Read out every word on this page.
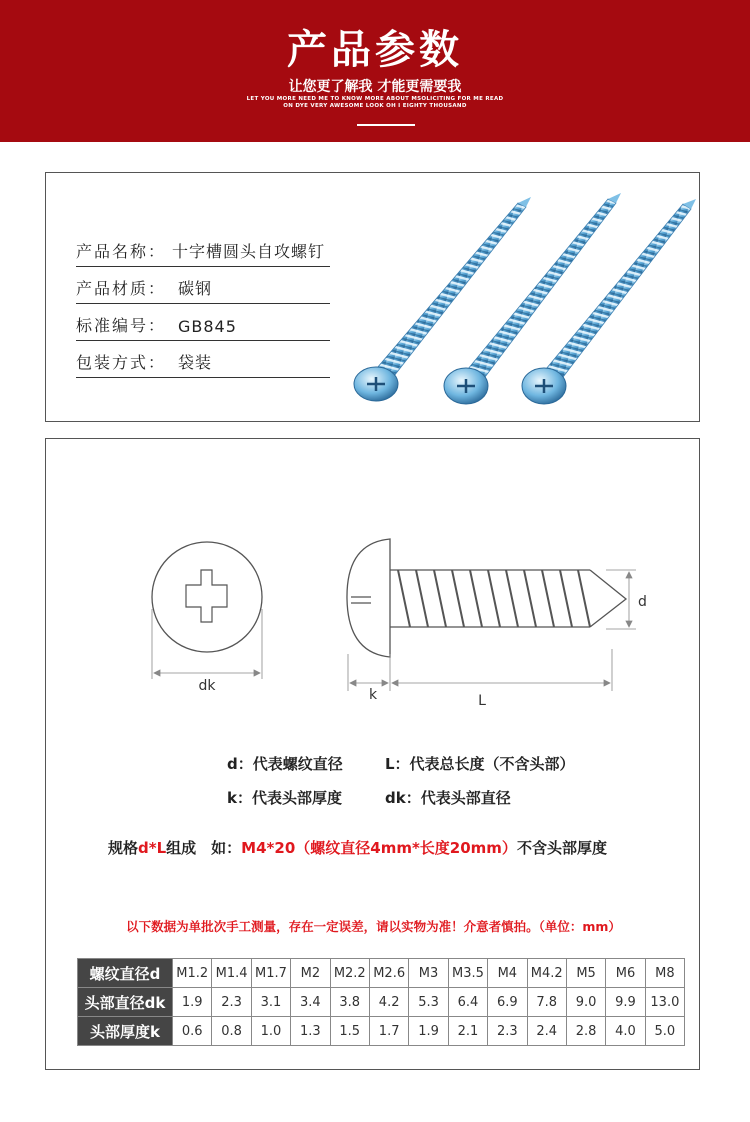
产品参数
让您更了解我 才能更需要我
LET YOU MORE NEED ME TO KNOW MORE ABOUT MSOLICITING FOR ME READ
ON DYE VERY AWESOME LOOK OH I EIGHTY THOUSAND
产品名称： 十字槽圆头自攻螺钉
产品材质： 碳钢
标准编号： GB845
包装方式： 袋装
dk
d
k	L
d：代表螺纹直径	L：代表总长度（不含头部）
k：代表头部厚度	dk：代表头部直径
规格d*L组成　如：M4*20（螺纹直径4mm*长度20mm）不含头部厚度
以下数据为单批次手工测量，存在一定误差，请以实物为准！介意者慎拍。（单位：mm）
螺纹直径d	M1.2	M1.4	M1.7	M2	M2.2	M2.6	M3	M3.5	M4	M4.2	M5	M6	M8
头部直径dk	1.9	2.3	3.1	3.4	3.8	4.2	5.3	6.4	6.9	7.8	9.0	9.9	13.0
头部厚度k	0.6	0.8	1.0	1.3	1.5	1.7	1.9	2.1	2.3	2.4	2.8	4.0	5.0
